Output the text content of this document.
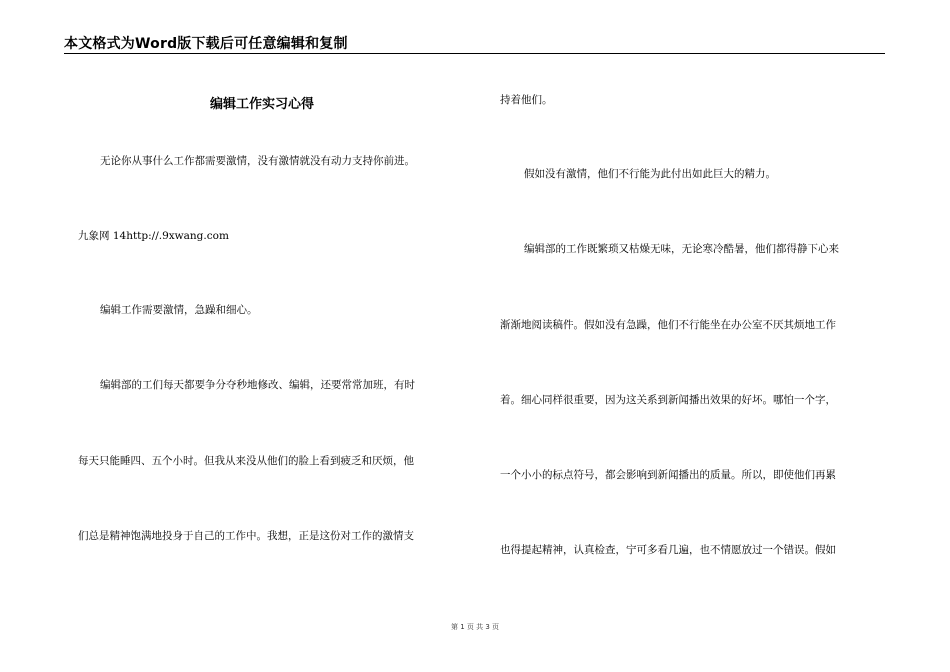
本文格式为Word版下载后可任意编辑和复制
编辑工作实习心得
无论你从事什么工作都需要激情，没有激情就没有动力支持你前进。
九象网 14http://.9xwang.com
编辑工作需要激情，急躁和细心。
编辑部的工们每天都要争分夺秒地修改、编辑，还要常常加班，有时
每天只能睡四、五个小时。但我从来没从他们的脸上看到疲乏和厌烦，他
们总是精神饱满地投身于自己的工作中。我想，正是这份对工作的激情支
持着他们。
假如没有激情，他们不行能为此付出如此巨大的精力。
编辑部的工作既繁琐又枯燥无味，无论寒冷酷暑，他们都得静下心来
渐渐地阅读稿件。假如没有急躁，他们不行能坐在办公室不厌其烦地工作
着。细心同样很重要，因为这关系到新闻播出效果的好坏。哪怕一个字，
一个小小的标点符号，都会影响到新闻播出的质量。所以，即使他们再累
也得提起精神，认真检查，宁可多看几遍，也不情愿放过一个错误。假如
第 1 页 共 3 页
